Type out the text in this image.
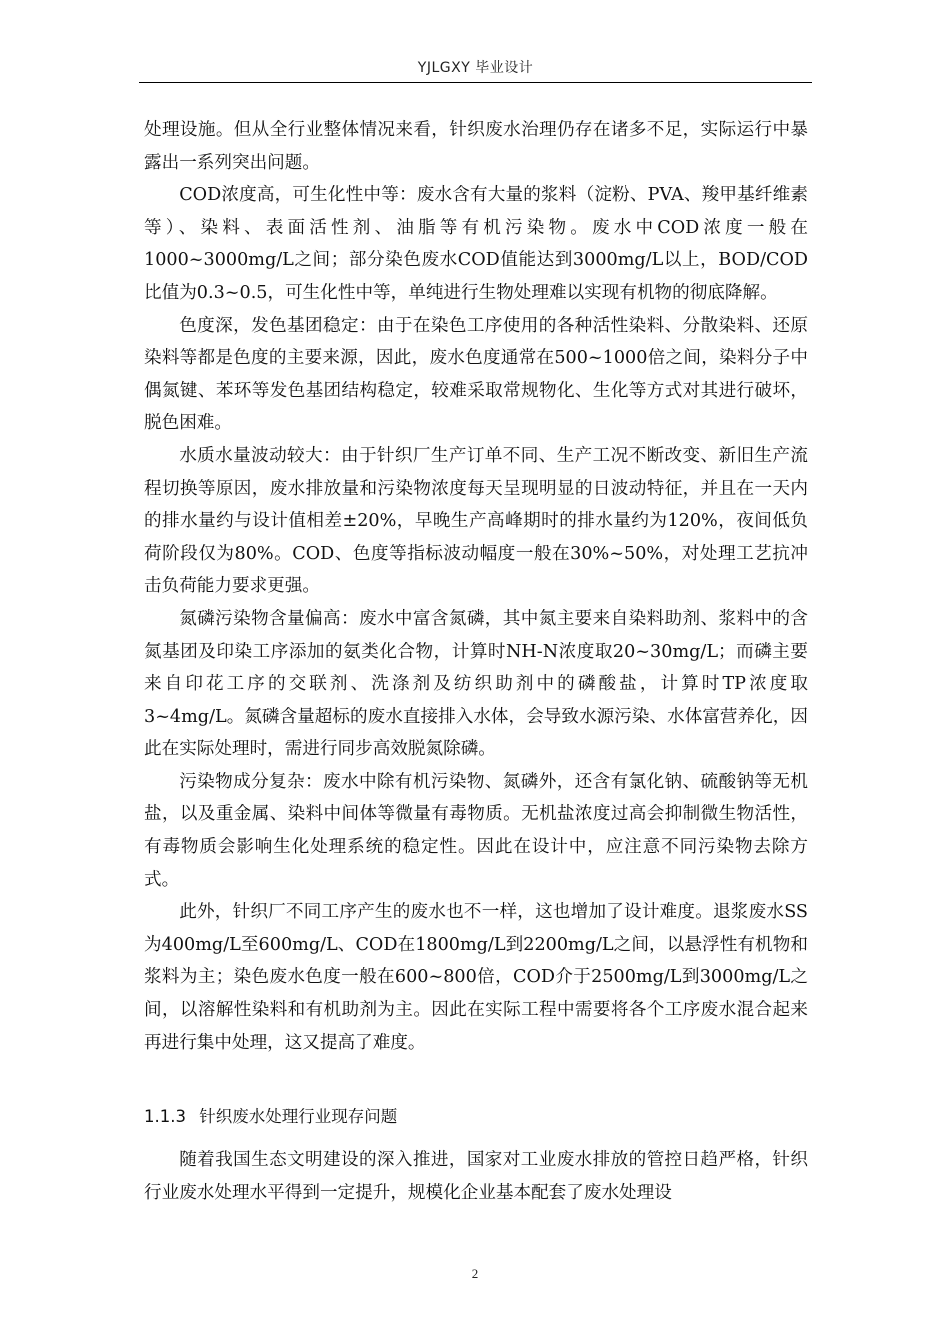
YJLGXY 毕业设计

处理设施。但从全行业整体情况来看，针织废水治理仍存在诸多不足，实际运行中暴露出一系列突出问题。

COD浓度高，可生化性中等：废水含有大量的浆料（淀粉、PVA、羧甲基纤维素等）、染料、表面活性剂、油脂等有机污染物。废水中COD浓度一般在1000~3000mg/L之间；部分染色废水COD值能达到3000mg/L以上，BOD/COD比值为0.3~0.5，可生化性中等，单纯进行生物处理难以实现有机物的彻底降解。

色度深，发色基团稳定：由于在染色工序使用的各种活性染料、分散染料、还原染料等都是色度的主要来源，因此，废水色度通常在500~1000倍之间，染料分子中偶氮键、苯环等发色基团结构稳定，较难采取常规物化、生化等方式对其进行破坏，脱色困难。

水质水量波动较大：由于针织厂生产订单不同、生产工况不断改变、新旧生产流程切换等原因，废水排放量和污染物浓度每天呈现明显的日波动特征，并且在一天内的排水量约与设计值相差±20%，早晚生产高峰期时的排水量约为120%，夜间低负荷阶段仅为80%。COD、色度等指标波动幅度一般在30%~50%，对处理工艺抗冲击负荷能力要求更强。

氮磷污染物含量偏高：废水中富含氮磷，其中氮主要来自染料助剂、浆料中的含氮基团及印染工序添加的氨类化合物，计算时NH-N浓度取20~30mg/L；而磷主要来自印花工序的交联剂、洗涤剂及纺织助剂中的磷酸盐，计算时TP浓度取3~4mg/L。氮磷含量超标的废水直接排入水体，会导致水源污染、水体富营养化，因此在实际处理时，需进行同步高效脱氮除磷。

污染物成分复杂：废水中除有机污染物、氮磷外，还含有氯化钠、硫酸钠等无机盐，以及重金属、染料中间体等微量有毒物质。无机盐浓度过高会抑制微生物活性，有毒物质会影响生化处理系统的稳定性。因此在设计中，应注意不同污染物去除方式。

此外，针织厂不同工序产生的废水也不一样，这也增加了设计难度。退浆废水SS为400mg/L至600mg/L、COD在1800mg/L到2200mg/L之间，以悬浮性有机物和浆料为主；染色废水色度一般在600~800倍，COD介于2500mg/L到3000mg/L之间，以溶解性染料和有机助剂为主。因此在实际工程中需要将各个工序废水混合起来再进行集中处理，这又提高了难度。

1.1.3 针织废水处理行业现存问题

随着我国生态文明建设的深入推进，国家对工业废水排放的管控日趋严格，针织行业废水处理水平得到一定提升，规模化企业基本配套了废水处理设

2
